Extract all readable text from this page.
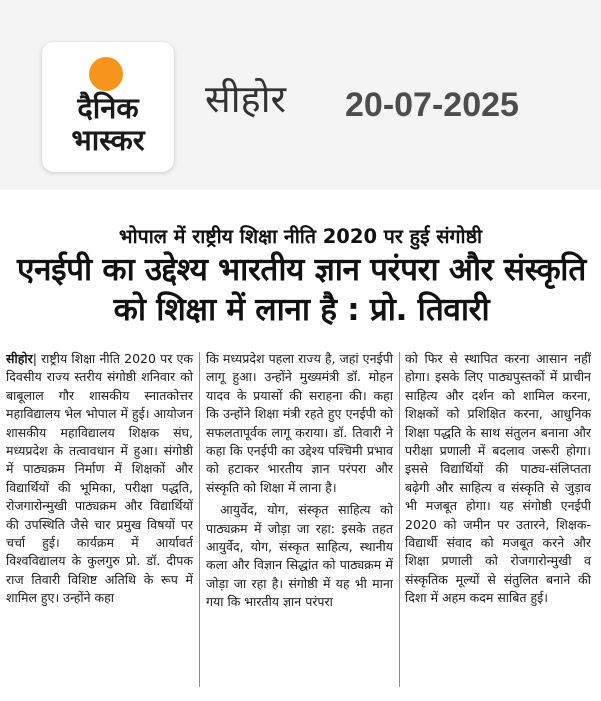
दैनिक
भास्कर
सीहोर 20-07-2025
भोपाल में राष्ट्रीय शिक्षा नीति 2020 पर हुई संगोष्ठी
एनईपी का उद्देश्य भारतीय ज्ञान परंपरा और संस्कृति को शिक्षा में लाना है : प्रो. तिवारी

सीहोर| राष्ट्रीय शिक्षा नीति 2020 पर एक दिवसीय राज्य स्तरीय संगोष्ठी शनिवार को बाबूलाल गौर शासकीय स्नातकोत्तर महाविद्यालय भेल भोपाल में हुई। आयोजन शासकीय महाविद्यालय शिक्षक संघ, मध्यप्रदेश के तत्वावधान में हुआ। संगोष्ठी में पाठ्यक्रम निर्माण में शिक्षकों और विद्यार्थियों की भूमिका, परीक्षा पद्धति, रोजगारोन्मुखी पाठ्यक्रम और विद्यार्थियों की उपस्थिति जैसे चार प्रमुख विषयों पर चर्चा हुई। कार्यक्रम में आर्यावर्त विश्वविद्यालय के कुलगुरु प्रो. डॉ. दीपक राज तिवारी विशिष्ट अतिथि के रूप में शामिल हुए। उन्होंने कहा

कि मध्यप्रदेश पहला राज्य है, जहां एनईपी लागू हुआ। उन्होंने मुख्यमंत्री डॉ. मोहन यादव के प्रयासों की सराहना की। कहा कि उन्होंने शिक्षा मंत्री रहते हुए एनईपी को सफलतापूर्वक लागू कराया। डॉ. तिवारी ने कहा कि एनईपी का उद्देश्य पश्चिमी प्रभाव को हटाकर भारतीय ज्ञान परंपरा और संस्कृति को शिक्षा में लाना है।

आयुर्वेद, योग, संस्कृत साहित्य को पाठ्यक्रम में जोड़ा जा रहा: इसके तहत आयुर्वेद, योग, संस्कृत साहित्य, स्थानीय कला और विज्ञान सिद्धांत को पाठ्यक्रम में जोड़ा जा रहा है। संगोष्ठी में यह भी माना गया कि भारतीय ज्ञान परंपरा

को फिर से स्थापित करना आसान नहीं होगा। इसके लिए पाठ्यपुस्तकों में प्राचीन साहित्य और दर्शन को शामिल करना, शिक्षकों को प्रशिक्षित करना, आधुनिक शिक्षा पद्धति के साथ संतुलन बनाना और परीक्षा प्रणाली में बदलाव जरूरी होगा। इससे विद्यार्थियों की पाठ्य-संलिप्तता बढ़ेगी और साहित्य व संस्कृति से जुड़ाव भी मजबूत होगा। यह संगोष्ठी एनईपी 2020 को जमीन पर उतारने, शिक्षक-विद्यार्थी संवाद को मजबूत करने और शिक्षा प्रणाली को रोजगारोन्मुखी व संस्कृतिक मूल्यों से संतुलित बनाने की दिशा में अहम कदम साबित हुई।
